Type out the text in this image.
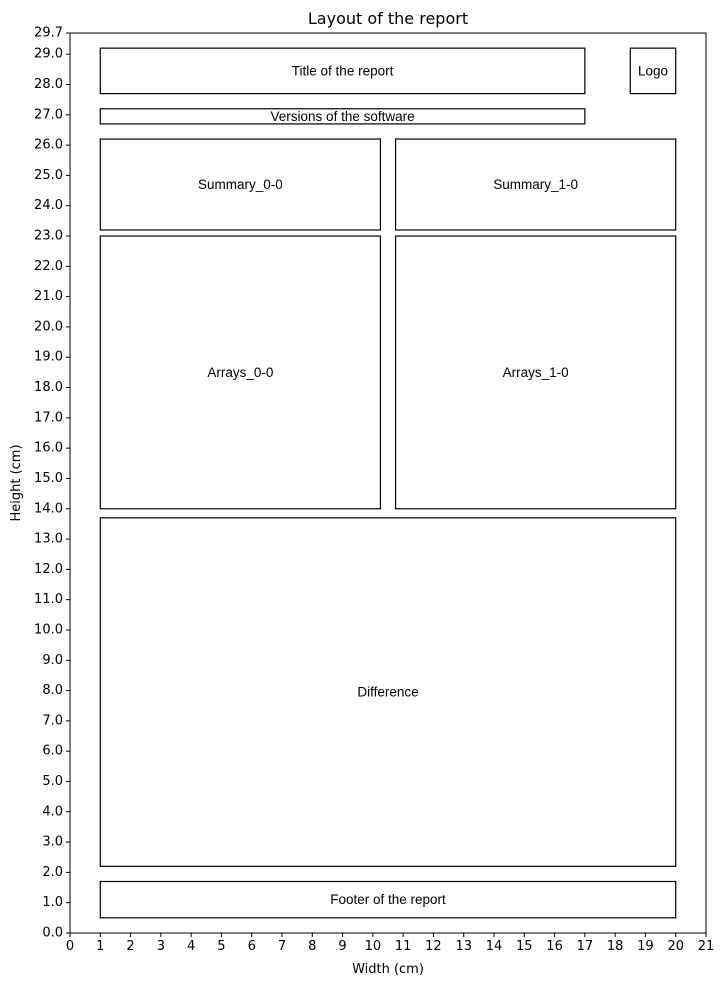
Layout of the report
Title of the report	Logo
Versions of the software
Summary_0-0	Summary_1-0
Arrays_0-0	Arrays_1-0
Difference
Footer of the report
0 1 2 3 4 5 6 7 8 9 10 11 12 13 14 15 16 17 18 19 20 21
0.0
1.0
2.0
3.0
4.0
5.0
6.0
7.0
8.0
9.0
10.0
11.0
12.0
13.0
14.0
15.0
16.0
17.0
18.0
19.0
20.0
21.0
22.0
23.0
24.0
25.0
26.0
27.0
28.0
29.0
29.7
Width (cm)
Height (cm)
